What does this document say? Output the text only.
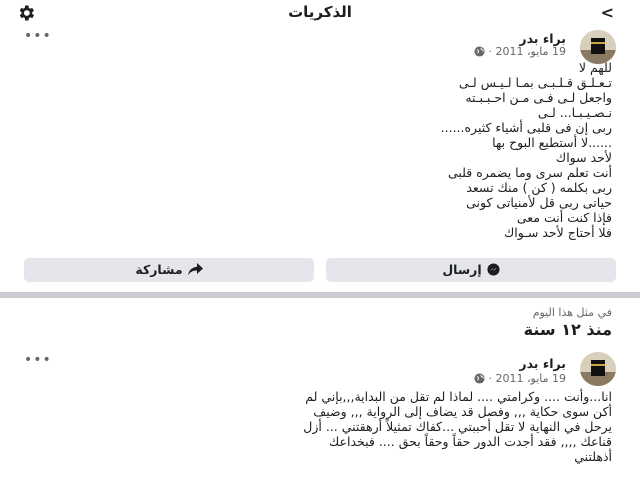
<
الذكريات
براء بدر
19 مايو، 2011 ·
•••
للهم لا
تـعـلـق قـلـبـى بمـا لـيـس لـى
واجعل لـى فـى مـن احـبـبـته
نـصـيـبـا... لـى
ربى إن فى قلبى أشياء كثيره......
......لا أستطيع البوح بها
لأحد سواك
أنت تعلم سرى وما يضمره قلبى
ربى بكلمه ( كن ) منك تسعد
حياتى ربى قل لأمنياتى كونى
فإذا كنت أنت معى
فلا أحتاج لأحد سـواك
إرسال
مشاركة
في مثل هذا اليوم
منذ ١٢ سنة
براء بدر
19 مايو، 2011 ·
•••
انا...وأنت .... وكرامتي .... لماذا لم تقل من البداية,,,بإني لم
أكن سوى حكاية ,,, وفصل قد يضاف إلى الرواية ,,, وضيف
يرحل في النهاية لا تقل أحببتي ...كفاك تمثيلاً أرهقتني ... أزل
قناعك ,,,, فقد أجدت الدور حقاً وحقاً بحق .... فبخداعك
أذهلتني
